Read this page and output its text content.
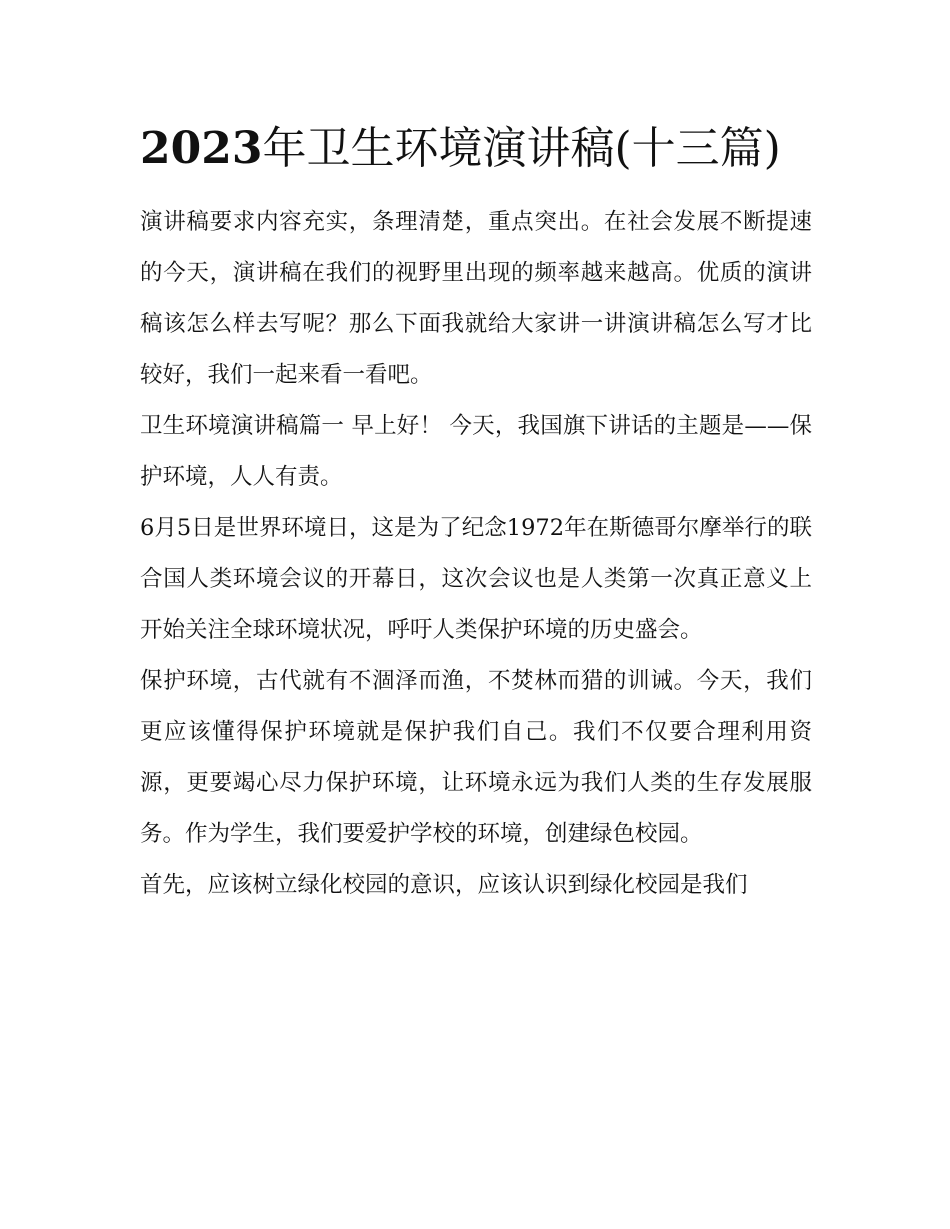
2023年卫生环境演讲稿(十三篇)

演讲稿要求内容充实，条理清楚，重点突出。在社会发展不断提速的今天，演讲稿在我们的视野里出现的频率越来越高。优质的演讲稿该怎么样去写呢？那么下面我就给大家讲一讲演讲稿怎么写才比较好，我们一起来看一看吧。

卫生环境演讲稿篇一 早上好！ 今天，我国旗下讲话的主题是——保护环境，人人有责。

6月5日是世界环境日，这是为了纪念1972年在斯德哥尔摩举行的联合国人类环境会议的开幕日，这次会议也是人类第一次真正意义上开始关注全球环境状况，呼吁人类保护环境的历史盛会。

保护环境，古代就有不涸泽而渔，不焚林而猎的训诫。今天，我们更应该懂得保护环境就是保护我们自己。我们不仅要合理利用资源，更要竭心尽力保护环境，让环境永远为我们人类的生存发展服务。作为学生，我们要爱护学校的环境，创建绿色校园。

首先，应该树立绿化校园的意识，应该认识到绿化校园是我们
